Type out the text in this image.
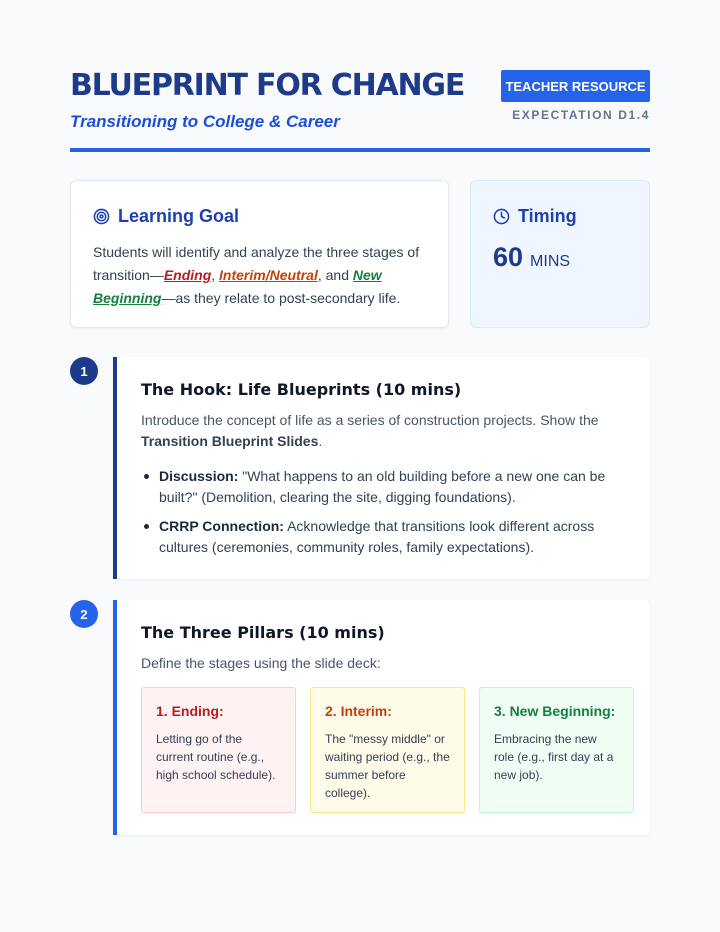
BLUEPRINT FOR CHANGE
Transitioning to College & Career
TEACHER RESOURCE
EXPECTATION D1.4
Learning Goal

Students will identify and analyze the three stages of transition—Ending, Interim/Neutral, and New Beginning—as they relate to post-secondary life.

Timing
60 MINS
1
The Hook: Life Blueprints (10 mins)

Introduce the concept of life as a series of construction projects. Show the Transition Blueprint Slides.

Discussion: "What happens to an old building before a new one can be built?" (Demolition, clearing the site, digging foundations).
CRRP Connection: Acknowledge that transitions look different across cultures (ceremonies, community roles, family expectations).
2
The Three Pillars (10 mins)

Define the stages using the slide deck:

1. Ending:
Letting go of the current routine (e.g., high school schedule).
2. Interim:
The "messy middle" or waiting period (e.g., the summer before college).
3. New Beginning:
Embracing the new role (e.g., first day at a new job).
